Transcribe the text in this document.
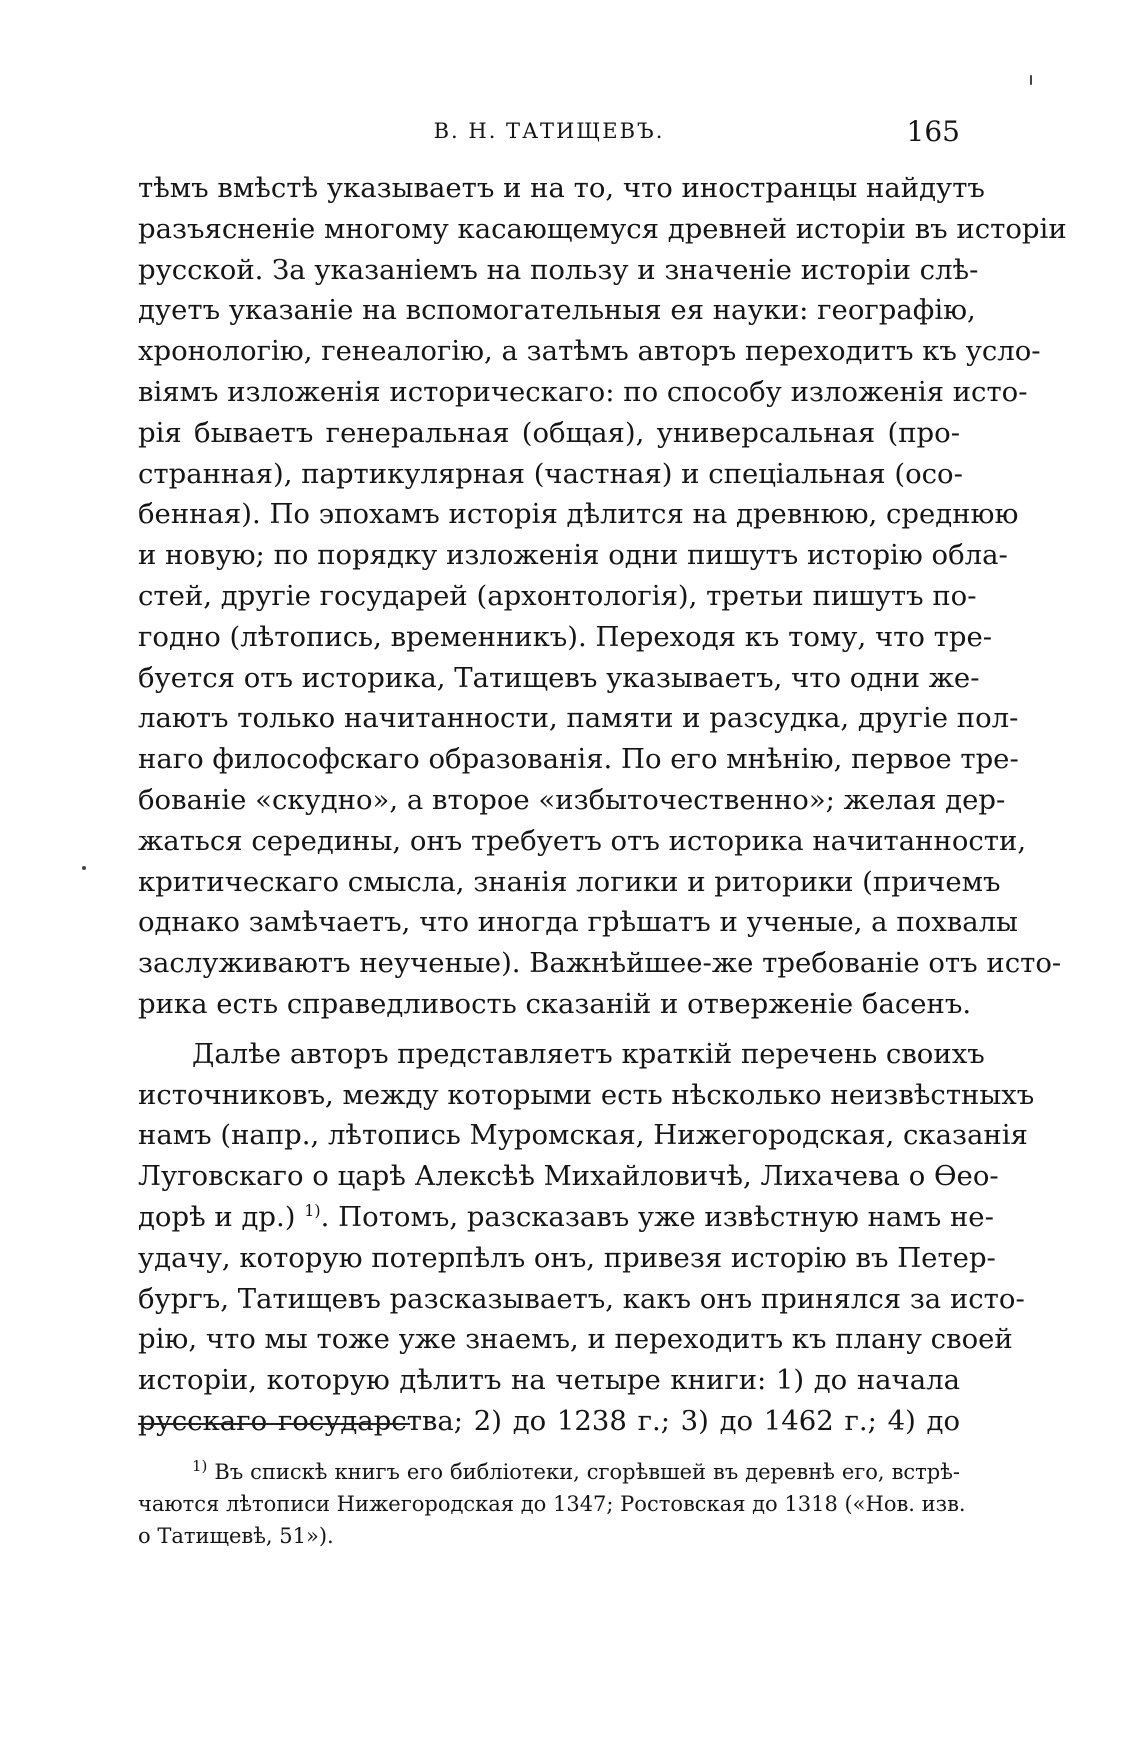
В. Н. ТАТИЩЕВЪ.	165
тѣмъ вмѣстѣ указываетъ и на то, что иностранцы найдутъ
разъясненіе многому касающемуся древней исторіи въ исторіи
русской. За указаніемъ на пользу и значеніе исторіи слѣ-
дуетъ указаніе на вспомогательныя ея науки: географію,
хронологію, генеалогію, а затѣмъ авторъ переходитъ къ усло-
віямъ изложенія историческаго: по способу изложенія исто-
рія бываетъ генеральная (общая), универсальная (про-
странная), партикулярная (частная) и спеціальная (осо-
бенная). По эпохамъ исторія дѣлится на древнюю, среднюю
и новую; по порядку изложенія одни пишутъ исторію обла-
стей, другіе государей (архонтологія), третьи пишутъ по-
годно (лѣтопись, временникъ). Переходя къ тому, что тре-
буется отъ историка, Татищевъ указываетъ, что одни же-
лаютъ только начитанности, памяти и разсудка, другіе пол-
наго философскаго образованія. По его мнѣнію, первое тре-
бованіе «скудно», а второе «избыточественно»; желая дер-
жаться середины, онъ требуетъ отъ историка начитанности,
критическаго смысла, знанія логики и риторики (причемъ
однако замѣчаетъ, что иногда грѣшатъ и ученые, а похвалы
заслуживаютъ неученые). Важнѣйшее-же требованіе отъ исто-
рика есть справедливость сказаній и отверженіе басенъ.
Далѣе авторъ представляетъ краткій перечень своихъ
источниковъ, между которыми есть нѣсколько неизвѣстныхъ
намъ (напр., лѣтопись Муромская, Нижегородская, сказанія
Луговскаго о царѣ Алексѣѣ Михайловичѣ, Лихачева о Ѳео-
дорѣ и др.) $^{1)}$. Потомъ, разсказавъ уже извѣстную намъ не-
удачу, которую потерпѣлъ онъ, привезя исторію въ Петер-
бургъ, Татищевъ разсказываетъ, какъ онъ принялся за исто-
рію, что мы тоже уже знаемъ, и переходитъ къ плану своей
исторіи, которую дѣлитъ на четыре книги: 1) до начала
русскаго государства; 2) до 1238 г.; 3) до 1462 г.; 4) до
$^{1)}$ Въ спискѣ книгъ его библіотеки, сгорѣвшей въ деревнѣ его, встрѣ-
чаются лѣтописи Нижегородская до 1347; Ростовская до 1318 («Нов. изв.
о Татищевѣ, 51»).
